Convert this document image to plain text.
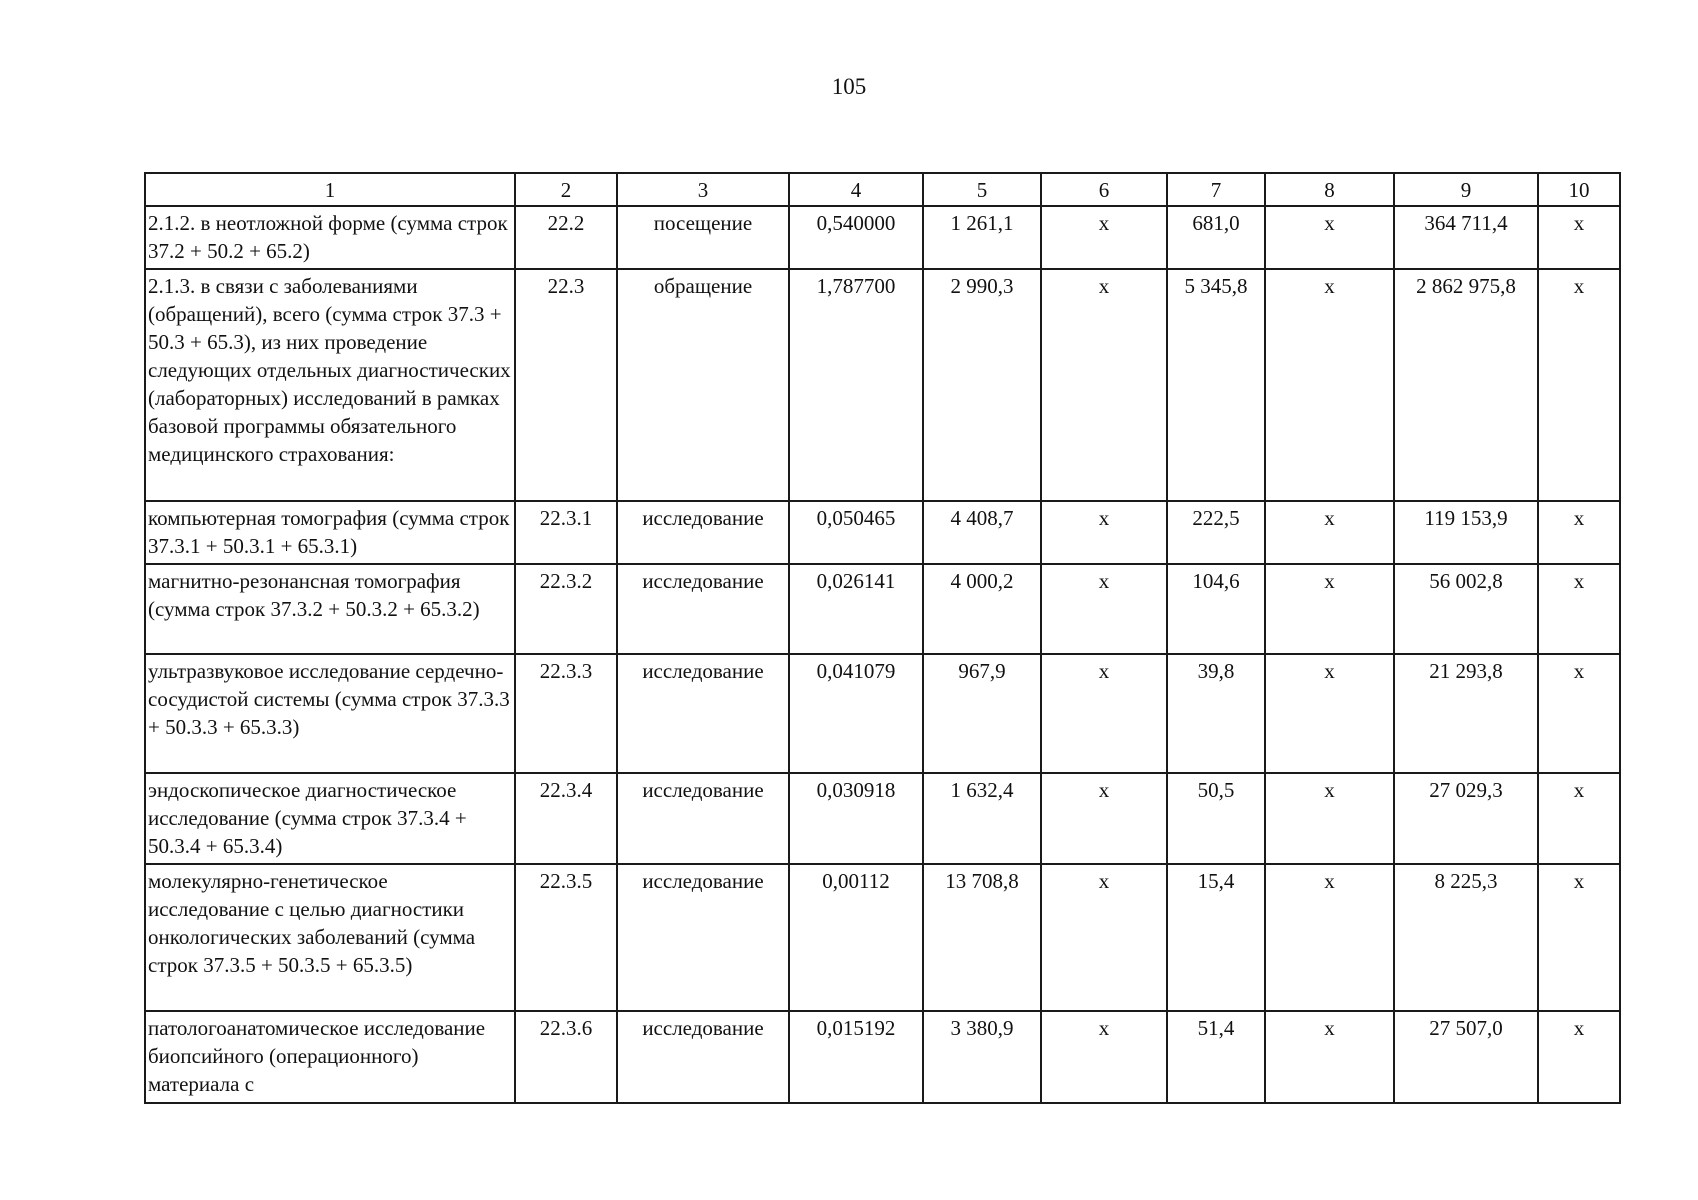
105
1	2	3	4	5	6	7	8	9	10
2.1.2. в неотложной форме (сумма строк 37.2 + 50.2 + 65.2)	22.2	посещение	0,540000	1 261,1	х	681,0	х	364 711,4	х
2.1.3. в связи с заболеваниями (обращений), всего (сумма строк 37.3 + 50.3 + 65.3), из них проведение следующих отдельных диагностических (лабораторных) исследований в рамках базовой программы обязательного медицинского страхования:	22.3	обращение	1,787700	2 990,3	х	5 345,8	х	2 862 975,8	х
компьютерная томография (сумма строк 37.3.1 + 50.3.1 + 65.3.1)	22.3.1	исследование	0,050465	4 408,7	х	222,5	х	119 153,9	х
магнитно-резонансная томография (сумма строк 37.3.2 + 50.3.2 + 65.3.2)	22.3.2	исследование	0,026141	4 000,2	х	104,6	х	56 002,8	х
ультразвуковое исследование сердечно-сосудистой системы (сумма строк 37.3.3 + 50.3.3 + 65.3.3)	22.3.3	исследование	0,041079	967,9	х	39,8	х	21 293,8	х
эндоскопическое диагностическое исследование (сумма строк 37.3.4 + 50.3.4 + 65.3.4)	22.3.4	исследование	0,030918	1 632,4	х	50,5	х	27 029,3	х
молекулярно-генетическое исследование с целью диагностики онкологических заболеваний (сумма строк 37.3.5 + 50.3.5 + 65.3.5)	22.3.5	исследование	0,00112	13 708,8	х	15,4	х	8 225,3	х
патологоанатомическое исследование биопсийного (операционного) материала с	22.3.6	исследование	0,015192	3 380,9	х	51,4	х	27 507,0	х
